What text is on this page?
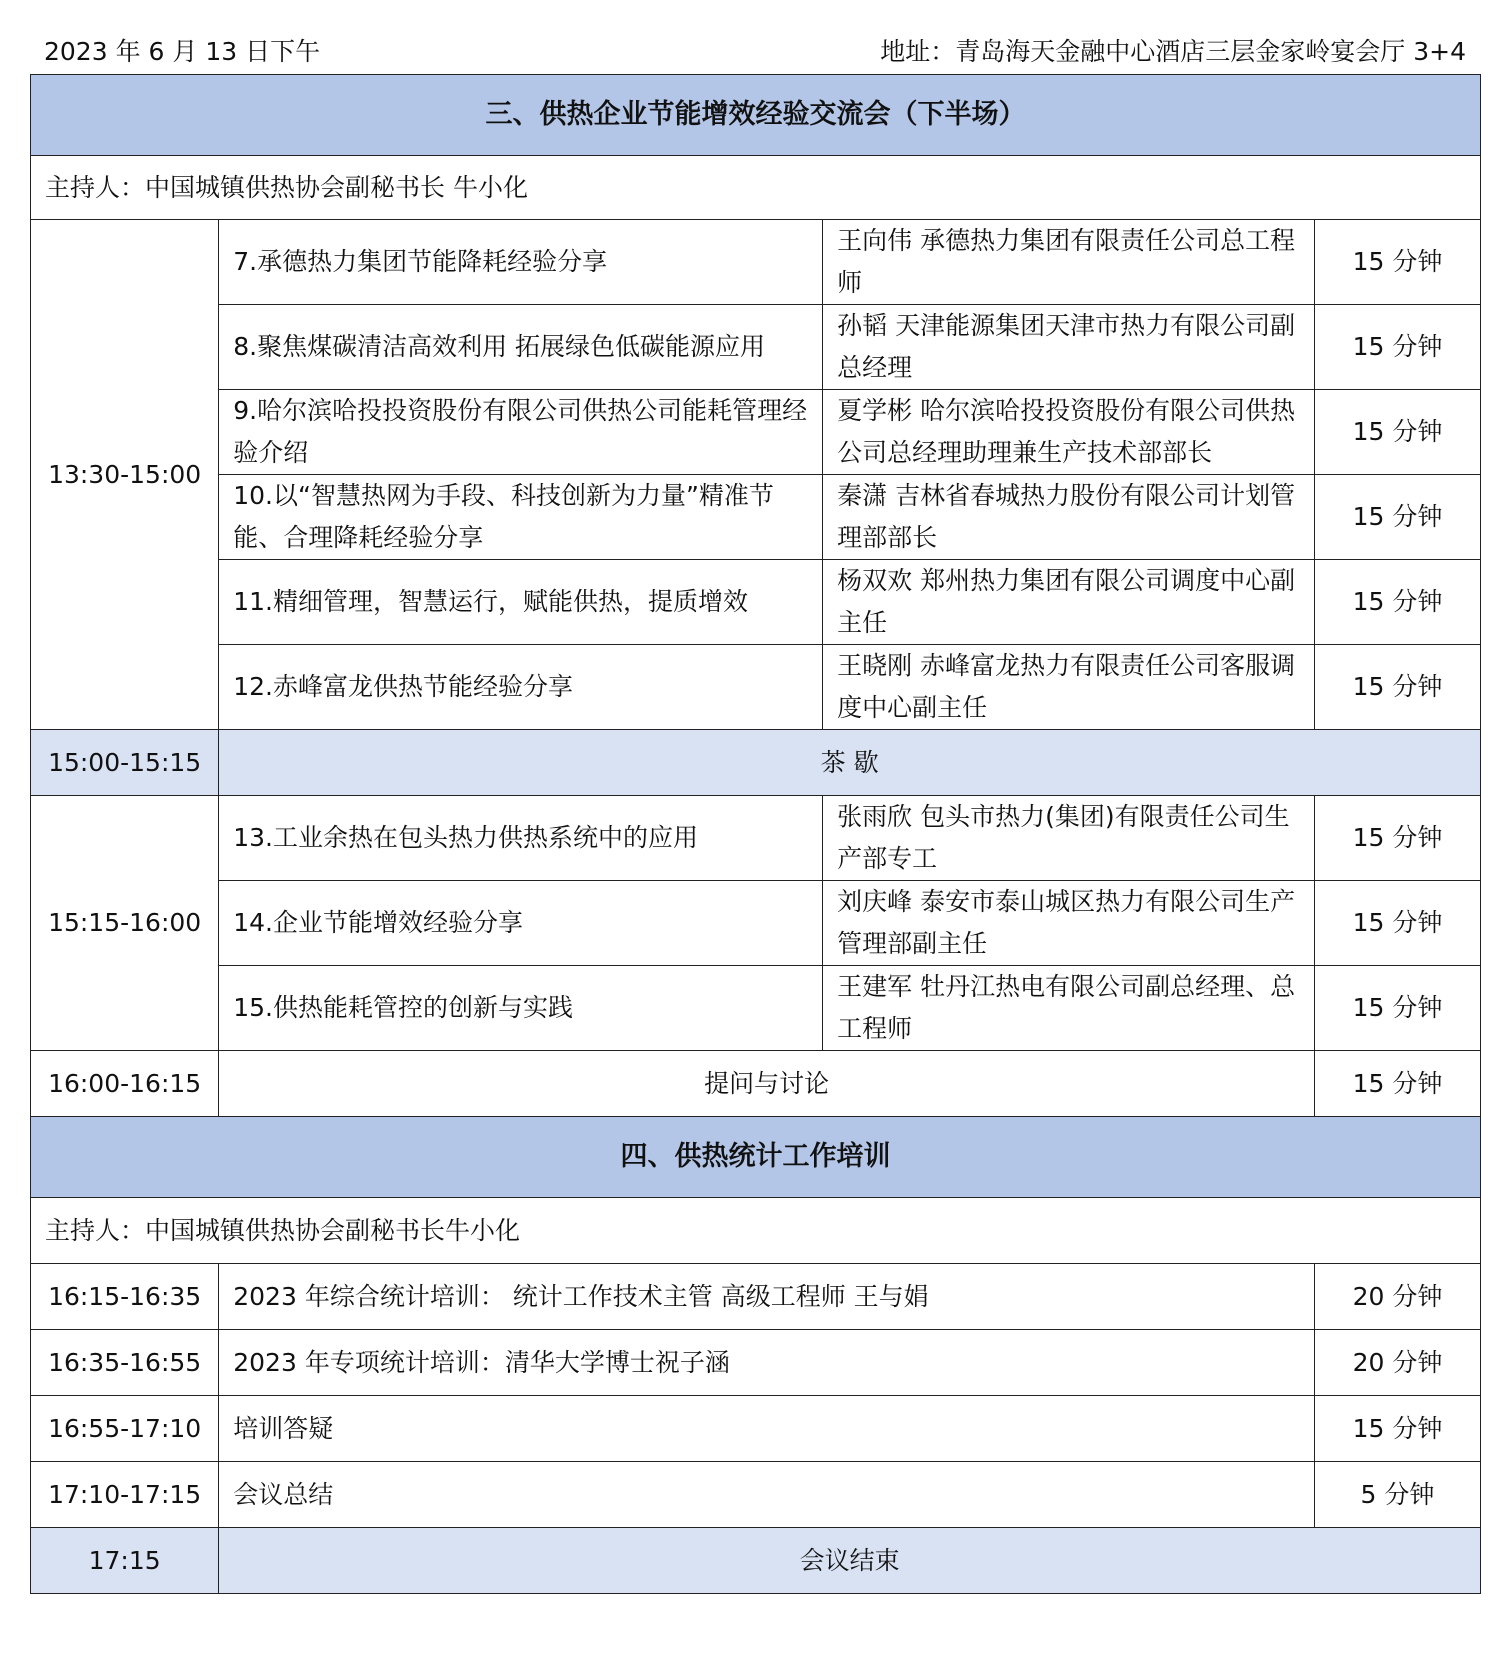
2023 年 6 月 13 日下午	地址：青岛海天金融中心酒店三层金家岭宴会厅 3+4
三、供热企业节能增效经验交流会（下半场）			
主持人：中国城镇供热协会副秘书长 牛小化			
13:30-15:00	7.承德热力集团节能降耗经验分享	王向伟 承德热力集团有限责任公司总工程师	15 分钟
	8.聚焦煤碳清洁高效利用 拓展绿色低碳能源应用	孙韬 天津能源集团天津市热力有限公司副总经理	15 分钟
	9.哈尔滨哈投投资股份有限公司供热公司能耗管理经验介绍	夏学彬 哈尔滨哈投投资股份有限公司供热公司总经理助理兼生产技术部部长	15 分钟
	10.以“智慧热网为手段、科技创新为力量”精准节能、合理降耗经验分享	秦潇 吉林省春城热力股份有限公司计划管理部部长	15 分钟
	11.精细管理，智慧运行，赋能供热，提质增效	杨双欢 郑州热力集团有限公司调度中心副主任	15 分钟
	12.赤峰富龙供热节能经验分享	王晓刚 赤峰富龙热力有限责任公司客服调度中心副主任	15 分钟
15:00-15:15	茶 歇		
15:15-16:00	13.工业余热在包头热力供热系统中的应用	张雨欣 包头市热力(集团)有限责任公司生产部专工	15 分钟
	14.企业节能增效经验分享	刘庆峰 泰安市泰山城区热力有限公司生产管理部副主任	15 分钟
	15.供热能耗管控的创新与实践	王建军 牡丹江热电有限公司副总经理、总工程师	15 分钟
16:00-16:15	提问与讨论		15 分钟
四、供热统计工作培训			
主持人：中国城镇供热协会副秘书长牛小化			
16:15-16:35	2023 年综合统计培训： 统计工作技术主管 高级工程师 王与娟		20 分钟
16:35-16:55	2023 年专项统计培训：清华大学博士祝子涵		20 分钟
16:55-17:10	培训答疑		15 分钟
17:10-17:15	会议总结		5 分钟
17:15	会议结束		
